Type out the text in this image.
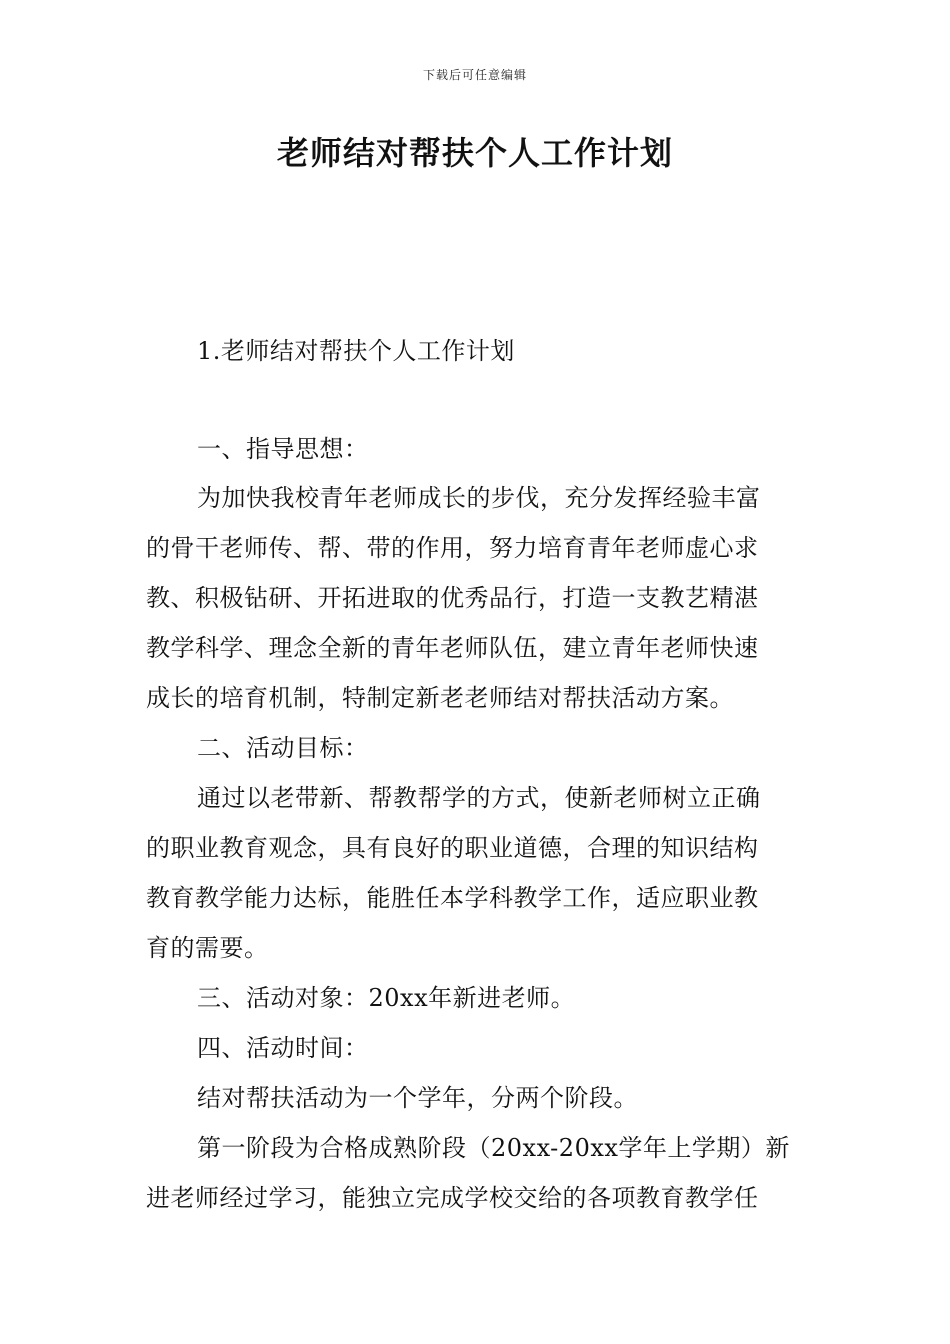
下载后可任意编辑
老师结对帮扶个人工作计划
1.老师结对帮扶个人工作计划
一、指导思想：
为加快我校青年老师成长的步伐，充分发挥经验丰富
的骨干老师传、帮、带的作用，努力培育青年老师虚心求
教、积极钻研、开拓进取的优秀品行，打造一支教艺精湛
教学科学、理念全新的青年老师队伍，建立青年老师快速
成长的培育机制，特制定新老老师结对帮扶活动方案。
二、活动目标：
通过以老带新、帮教帮学的方式，使新老师树立正确
的职业教育观念，具有良好的职业道德，合理的知识结构
教育教学能力达标，能胜任本学科教学工作，适应职业教
育的需要。
三、活动对象：20xx年新进老师。
四、活动时间：
结对帮扶活动为一个学年，分两个阶段。
第一阶段为合格成熟阶段（20xx-20xx学年上学期）新
进老师经过学习，能独立完成学校交给的各项教育教学任
